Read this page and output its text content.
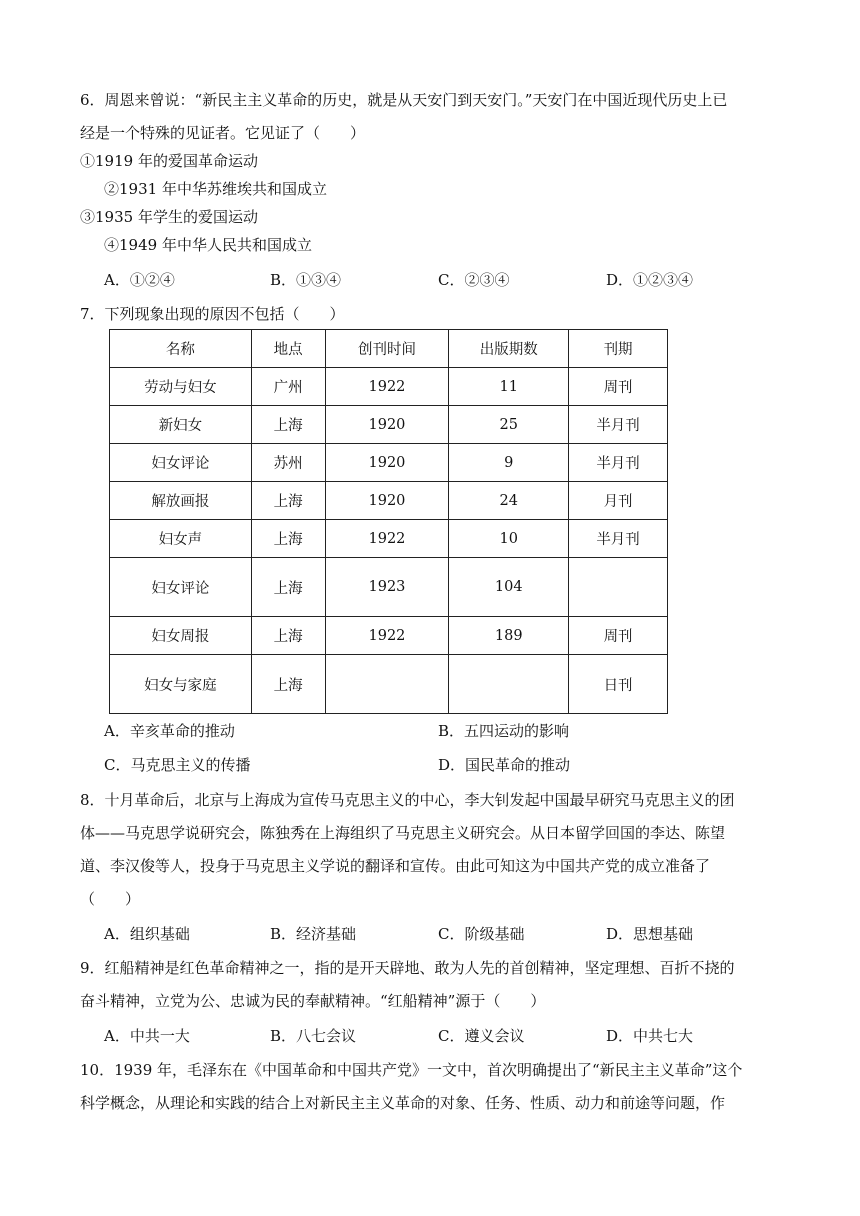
6．周恩来曾说：“新民主主义革命的历史，就是从天安门到天安门。”天安门在中国近现代历史上已
经是一个特殊的见证者。它见证了（　　）
①1919 年的爱国革命运动
②1931 年中华苏维埃共和国成立
③1935 年学生的爱国运动
④1949 年中华人民共和国成立
A．①②④	B．①③④	C．②③④	D．①②③④
7．下列现象出现的原因不包括（　　）
名称	地点	创刊时间	出版期数	刊期
劳动与妇女	广州	1922	11	周刊
新妇女	上海	1920	25	半月刊
妇女评论	苏州	1920	9	半月刊
解放画报	上海	1920	24	月刊
妇女声	上海	1922	10	半月刊
妇女评论	上海	1923	104	
妇女周报	上海	1922	189	周刊
妇女与家庭	上海			日刊
A．辛亥革命的推动	B．五四运动的影响
C．马克思主义的传播	D．国民革命的推动
8．十月革命后，北京与上海成为宣传马克思主义的中心，李大钊发起中国最早研究马克思主义的团
体——马克思学说研究会，陈独秀在上海组织了马克思主义研究会。从日本留学回国的李达、陈望
道、李汉俊等人，投身于马克思主义学说的翻译和宣传。由此可知这为中国共产党的成立准备了
（　　）
A．组织基础	B．经济基础	C．阶级基础	D．思想基础
9．红船精神是红色革命精神之一，指的是开天辟地、敢为人先的首创精神，坚定理想、百折不挠的
奋斗精神，立党为公、忠诚为民的奉献精神。“红船精神”源于（　　）
A．中共一大	B．八七会议	C．遵义会议	D．中共七大
10．1939 年，毛泽东在《中国革命和中国共产党》一文中，首次明确提出了“新民主主义革命”这个
科学概念，从理论和实践的结合上对新民主主义革命的对象、任务、性质、动力和前途等问题，作
